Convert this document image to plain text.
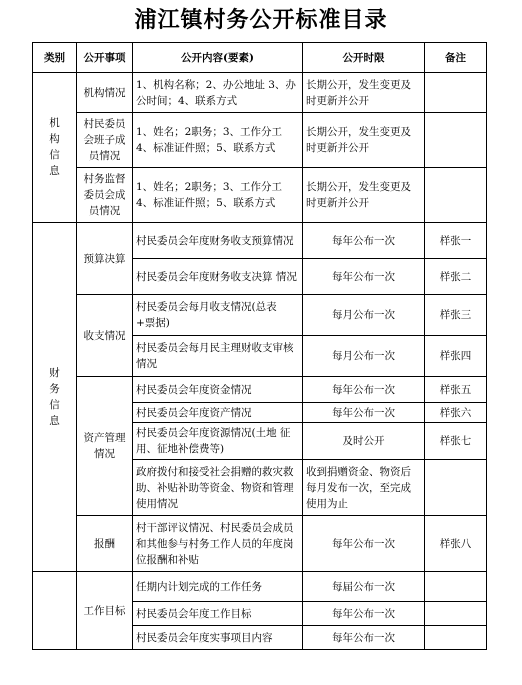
浦江镇村务公开标准目录
类别	公开事项	公开内容(要素)	公开时限	备注
机构信息	机构情况	1、机构名称；2、办公地址 3、办公时间；4、联系方式	长期公开，发生变更及时更新并公开	
	村民委员会班子成员情况	1、姓名；2职务；3、工作分工4、标准证件照；5、联系方式	长期公开，发生变更及时更新并公开	
	村务监督委员会成员情况	1、姓名；2职务；3、工作分工4、标准证件照；5、联系方式	长期公开，发生变更及时更新并公开	
财务信息	预算决算	村民委员会年度财务收支预算情况	每年公布一次	样张一
		村民委员会年度财务收支决算 情况	每年公布一次	样张二
	收支情况	村民委员会每月收支情况(总表 +票据)	每月公布一次	样张三
		村民委员会每月民主理财收支审核情况	每月公布一次	样张四
	资产管理情况	村民委员会年度资金情况	每年公布一次	样张五
		村民委员会年度资产情况	每年公布一次	样张六
		村民委员会年度资源情况(土地 征用、征地补偿费等)	及时公开	样张七
		政府拨付和接受社会捐赠的救灾救助、补贴补助等资金、物资和管理使用情况	收到捐赠资金、物资后每月发布一次，至完成使用为止	
	报酬	村干部评议情况、村民委员会成员和其他参与村务工作人员的年度岗位报酬和补贴	每年公布一次	样张八
	工作目标	任期内计划完成的工作任务	每届公布一次	
		村民委员会年度工作目标	每年公布一次	
		村民委员会年度实事项目内容	每年公布一次	
